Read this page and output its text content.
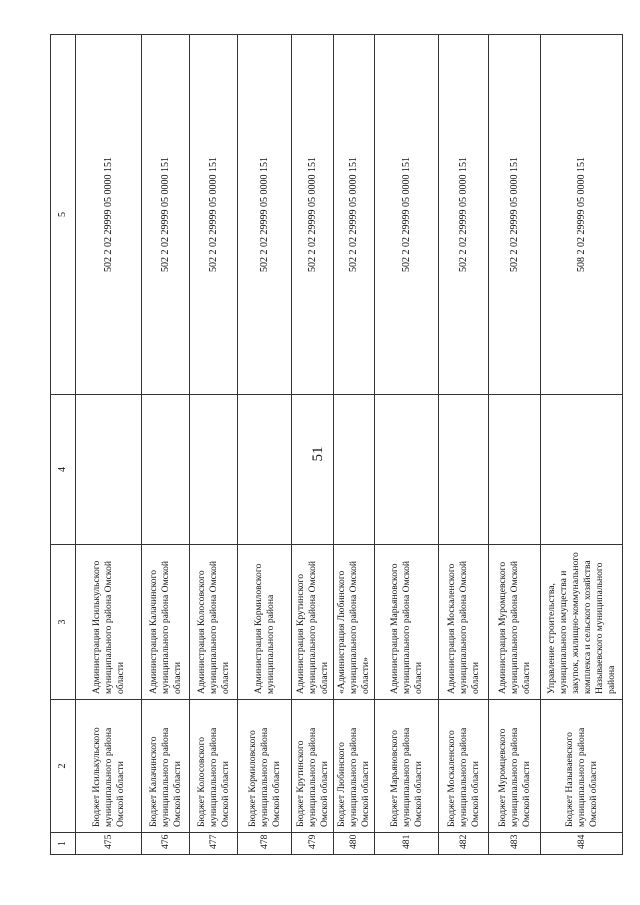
51
1	2	3	4	5
475	Бюджет Исилькульского муниципального района Омской области	Администрация Исилькульского муниципального района Омской области		502 2 02 29999 05 0000 151
476	Бюджет Калачинского муниципального района Омской области	Администрация Калачинского муниципального района Омской области		502 2 02 29999 05 0000 151
477	Бюджет Колосовского муниципального района Омской области	Администрация Колосовского муниципального района Омской области		502 2 02 29999 05 0000 151
478	Бюджет Кормиловского муниципального района Омской области	Администрация Кормиловского муниципального района		502 2 02 29999 05 0000 151
479	Бюджет Крутинского муниципального района Омской области	Администрация Крутинского муниципального района Омской области		502 2 02 29999 05 0000 151
480	Бюджет Любинского муниципального района Омской области	«Администрация Любинского муниципального района Омской области»		502 2 02 29999 05 0000 151
481	Бюджет Марьяновского муниципального района Омской области	Администрация Марьяновского муниципального района Омской области		502 2 02 29999 05 0000 151
482	Бюджет Москаленского муниципального района Омской области	Администрация Москаленского муниципального района Омской области		502 2 02 29999 05 0000 151
483	Бюджет Муромцевского муниципального района Омской области	Администрация Муромцевского муниципального района Омской области		502 2 02 29999 05 0000 151
484	Бюджет Называевского муниципального района Омской области	Управление строительства, муниципального имущества и закупок, жилищно-коммунального комплекса и сельского хозяйства Называевского муниципального района		508 2 02 29999 05 0000 151
